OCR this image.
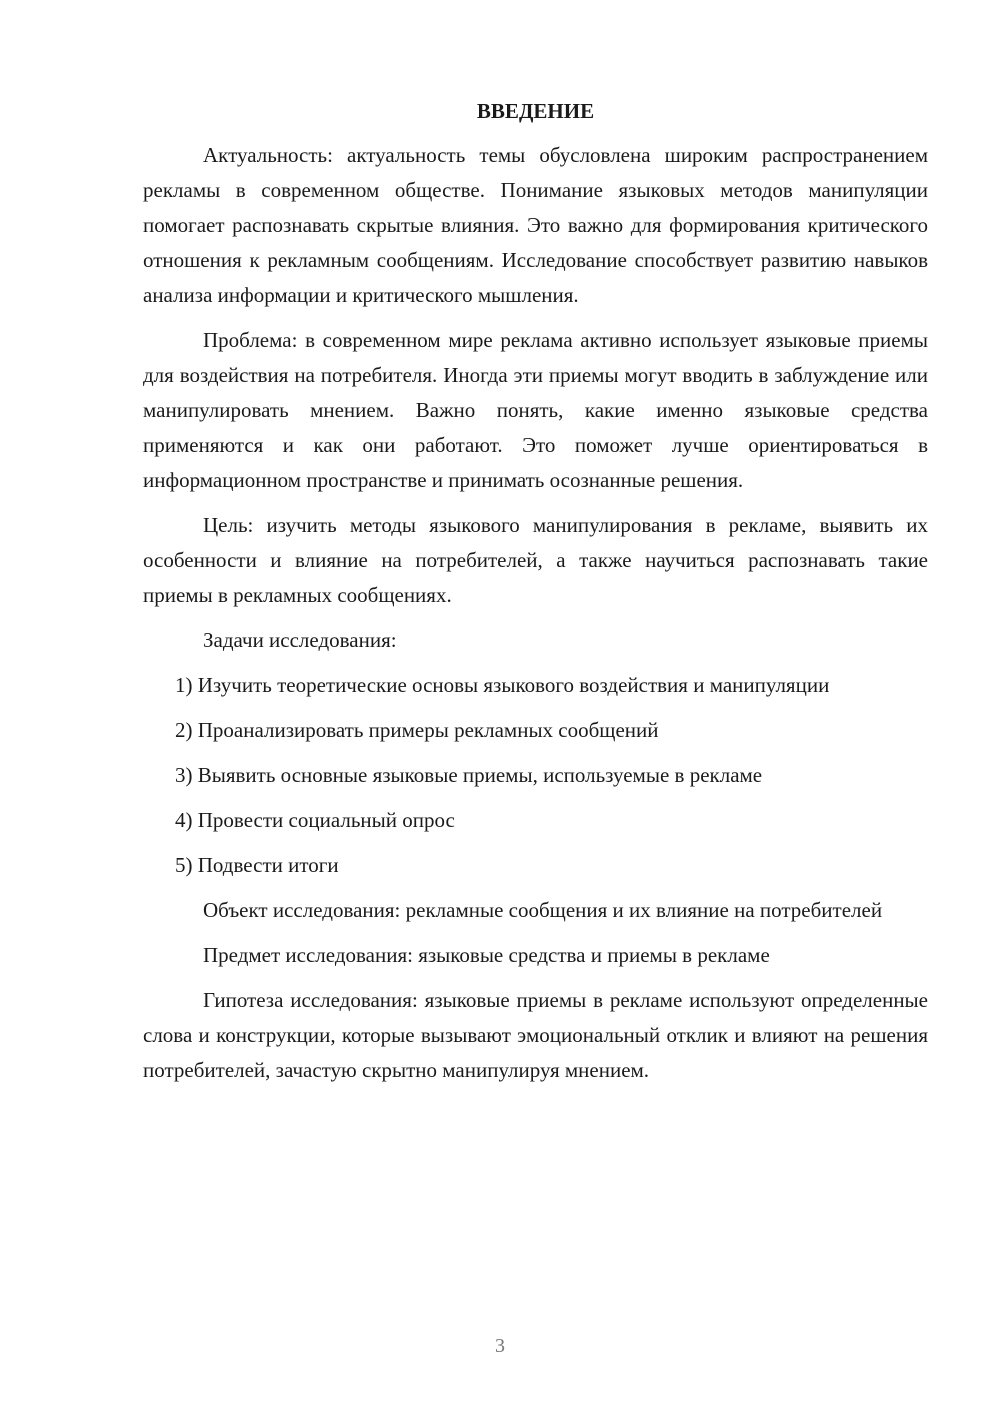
ВВЕДЕНИЕ

Актуальность: актуальность темы обусловлена широким распространением рекламы в современном обществе. Понимание языковых методов манипуляции помогает распознавать скрытые влияния. Это важно для формирования критического отношения к рекламным сообщениям. Исследование способствует развитию навыков анализа информации и критического мышления.

Проблема: в современном мире реклама активно использует языковые приемы для воздействия на потребителя. Иногда эти приемы могут вводить в заблуждение или манипулировать мнением. Важно понять, какие именно языковые средства применяются и как они работают. Это поможет лучше ориентироваться в информационном пространстве и принимать осознанные решения.

Цель: изучить методы языкового манипулирования в рекламе, выявить их особенности и влияние на потребителей, а также научиться распознавать такие приемы в рекламных сообщениях.

Задачи исследования:

1) Изучить теоретические основы языкового воздействия и манипуляции

2) Проанализировать примеры рекламных сообщений

3) Выявить основные языковые приемы, используемые в рекламе

4) Провести социальный опрос

5) Подвести итоги

Объект исследования: рекламные сообщения и их влияние на потребителей

Предмет исследования: языковые средства и приемы в рекламе

Гипотеза исследования: языковые приемы в рекламе используют определенные слова и конструкции, которые вызывают эмоциональный отклик и влияют на решения потребителей, зачастую скрытно манипулируя мнением.

3
